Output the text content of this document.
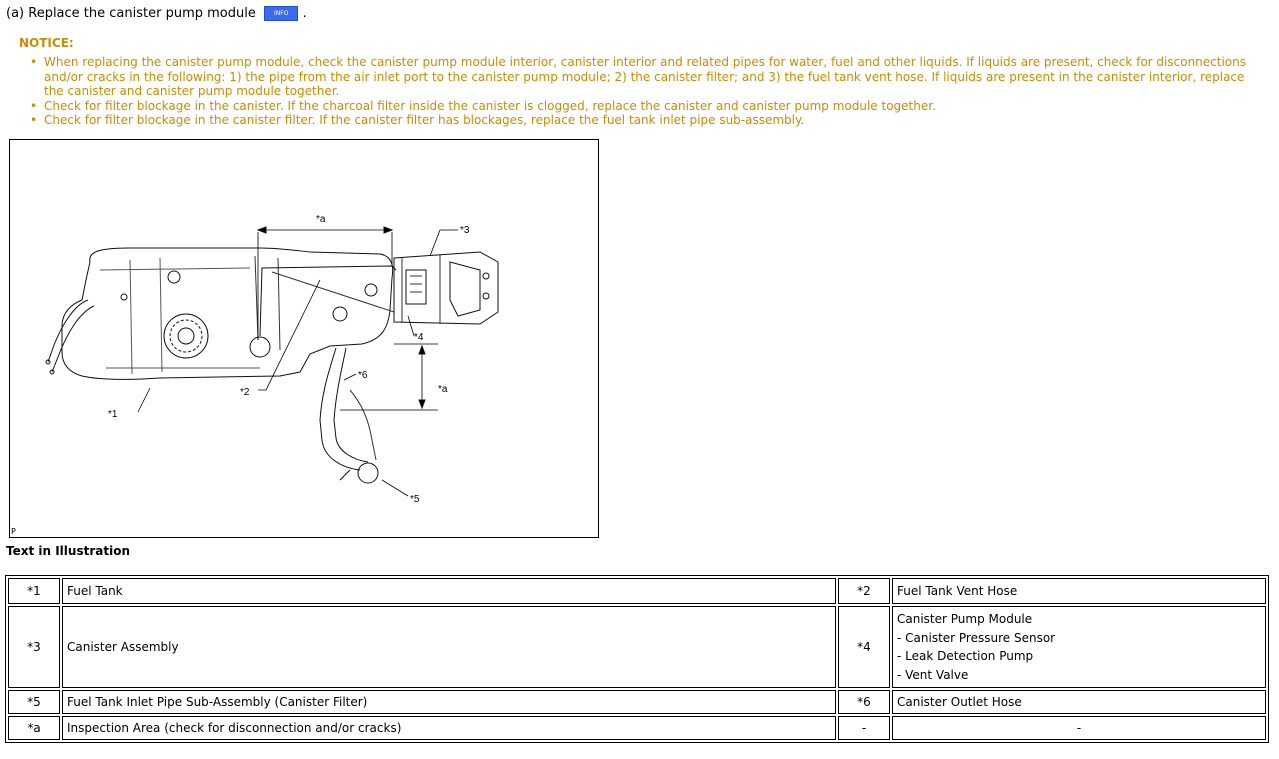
(a) Replace the canister pump module	INFO .
NOTICE:
• When replacing the canister pump module, check the canister pump module interior, canister interior and related pipes for water, fuel and other liquids. If liquids are present, check for disconnections and/or cracks in the following: 1) the pipe from the air inlet port to the canister pump module; 2) the canister filter; and 3) the fuel tank vent hose. If liquids are present in the canister interior, replace the canister and canister pump module together.
• Check for filter blockage in the canister. If the charcoal filter inside the canister is clogged, replace the canister and canister pump module together.
• Check for filter blockage in the canister filter. If the canister filter has blockages, replace the fuel tank inlet pipe sub-assembly.
*1
*2
*3
*4
*5
*6
*a
*a
P
Text in Illustration
*1	Fuel Tank	*2	Fuel Tank Vent Hose
*3	Canister Assembly	*4	Canister Pump Module
- Canister Pressure Sensor
- Leak Detection Pump
- Vent Valve

*5	Fuel Tank Inlet Pipe Sub-Assembly (Canister Filter)	*6	Canister Outlet Hose
*a	Inspection Area (check for disconnection and/or cracks)	-	-
